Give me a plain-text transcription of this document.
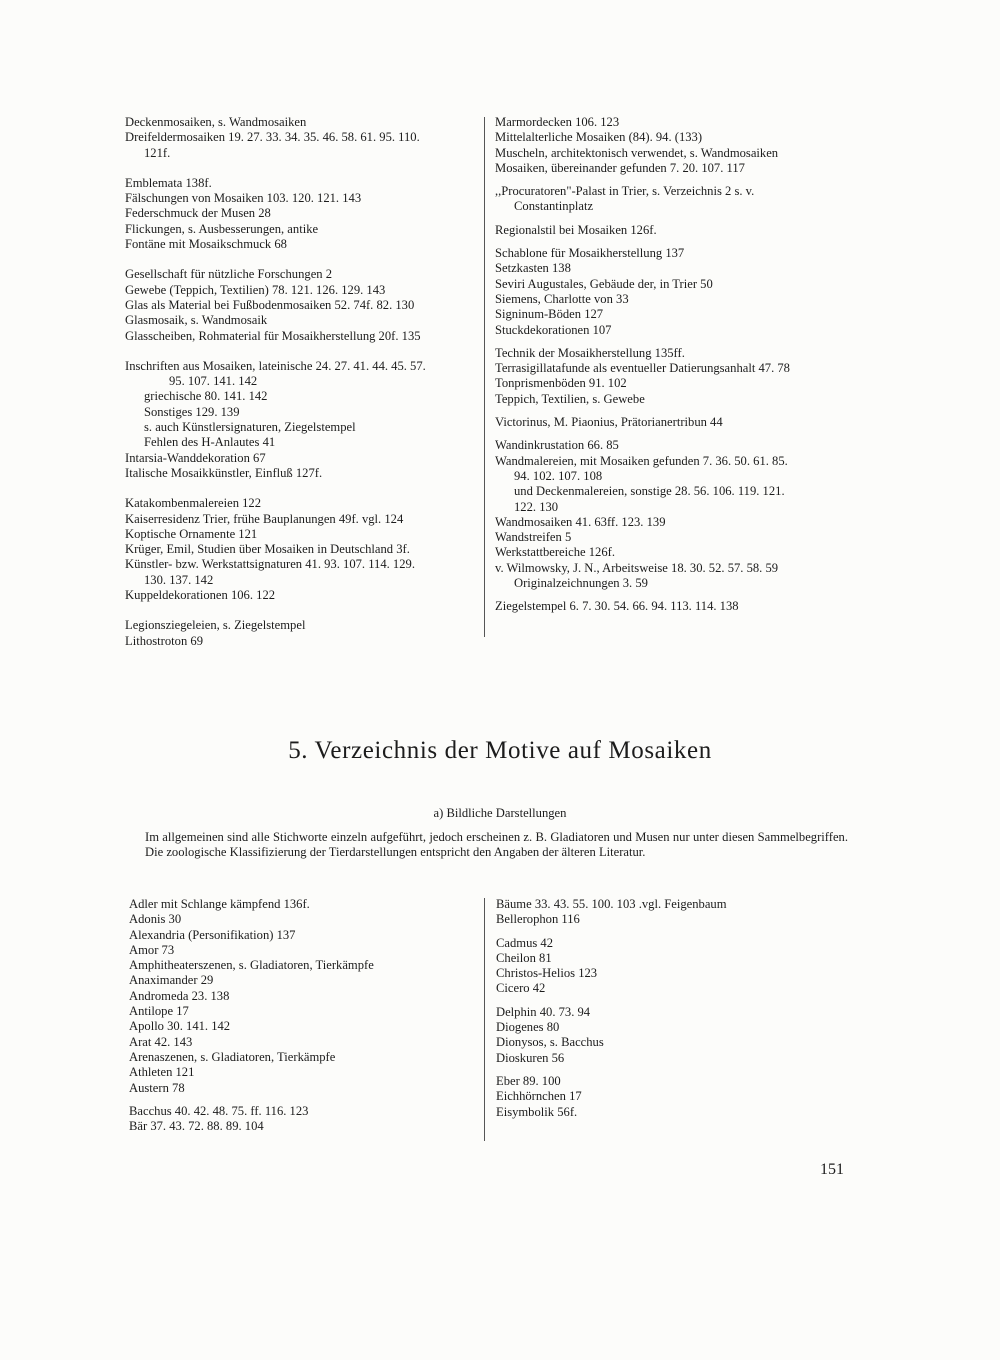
Deckenmosaiken, s. Wandmosaiken
Dreifeldermosaiken 19. 27. 33. 34. 35. 46. 58. 61. 95. 110.
121f.
Emblemata 138f.
Fälschungen von Mosaiken 103. 120. 121. 143
Federschmuck der Musen 28
Flickungen, s. Ausbesserungen, antike
Fontäne mit Mosaikschmuck 68
Gesellschaft für nützliche Forschungen 2
Gewebe (Teppich, Textilien) 78. 121. 126. 129. 143
Glas als Material bei Fußbodenmosaiken 52. 74f. 82. 130
Glasmosaik, s. Wandmosaik
Glasscheiben, Rohmaterial für Mosaikherstellung 20f. 135
Inschriften aus Mosaiken, lateinische 24. 27. 41. 44. 45. 57.
95. 107. 141. 142
griechische 80. 141. 142
Sonstiges 129. 139
s. auch Künstlersignaturen, Ziegelstempel
Fehlen des H-Anlautes 41
Intarsia-Wanddekoration 67
Italische Mosaikkünstler, Einfluß 127f.
Katakombenmalereien 122
Kaiserresidenz Trier, frühe Bauplanungen 49f. vgl. 124
Koptische Ornamente 121
Krüger, Emil, Studien über Mosaiken in Deutschland 3f.
Künstler- bzw. Werkstattsignaturen 41. 93. 107. 114. 129.
130. 137. 142
Kuppeldekorationen 106. 122
Legionsziegeleien, s. Ziegelstempel
Lithostroton 69
Marmordecken 106. 123
Mittelalterliche Mosaiken (84). 94. (133)
Muscheln, architektonisch verwendet, s. Wandmosaiken
Mosaiken, übereinander gefunden 7. 20. 107. 117
,,Procuratoren"-Palast in Trier, s. Verzeichnis 2 s. v.
Constantinplatz
Regionalstil bei Mosaiken 126f.
Schablone für Mosaikherstellung 137
Setzkasten 138
Seviri Augustales, Gebäude der, in Trier 50
Siemens, Charlotte von 33
Signinum-Böden 127
Stuckdekorationen 107
Technik der Mosaikherstellung 135ff.
Terrasigillatafunde als eventueller Datierungsanhalt 47. 78
Tonprismenböden 91. 102
Teppich, Textilien, s. Gewebe
Victorinus, M. Piaonius, Prätorianertribun 44
Wandinkrustation 66. 85
Wandmalereien, mit Mosaiken gefunden 7. 36. 50. 61. 85.
94. 102. 107. 108
und Deckenmalereien, sonstige 28. 56. 106. 119. 121.
122. 130
Wandmosaiken 41. 63ff. 123. 139
Wandstreifen 5
Werkstattbereiche 126f.
v. Wilmowsky, J. N., Arbeitsweise 18. 30. 52. 57. 58. 59
Originalzeichnungen 3. 59
Ziegelstempel 6. 7. 30. 54. 66. 94. 113. 114. 138
5. Verzeichnis der Motive auf Mosaiken
a) Bildliche Darstellungen

Im allgemeinen sind alle Stichworte einzeln aufgeführt, jedoch erscheinen z. B. Gladiatoren und Musen nur unter diesen Sammelbegriffen. Die zoologische Klassifizierung der Tierdarstellungen entspricht den Angaben der älteren Literatur.

Adler mit Schlange kämpfend 136f.
Adonis 30
Alexandria (Personifikation) 137
Amor 73
Amphitheaterszenen, s. Gladiatoren, Tierkämpfe
Anaximander 29
Andromeda 23. 138
Antilope 17
Apollo 30. 141. 142
Arat 42. 143
Arenaszenen, s. Gladiatoren, Tierkämpfe
Athleten 121
Austern 78
Bacchus 40. 42. 48. 75. ff. 116. 123
Bär 37. 43. 72. 88. 89. 104
Bäume 33. 43. 55. 100. 103 .vgl. Feigenbaum
Bellerophon 116
Cadmus 42
Cheilon 81
Christos-Helios 123
Cicero 42
Delphin 40. 73. 94
Diogenes 80
Dionysos, s. Bacchus
Dioskuren 56
Eber 89. 100
Eichhörnchen 17
Eisymbolik 56f.
151
